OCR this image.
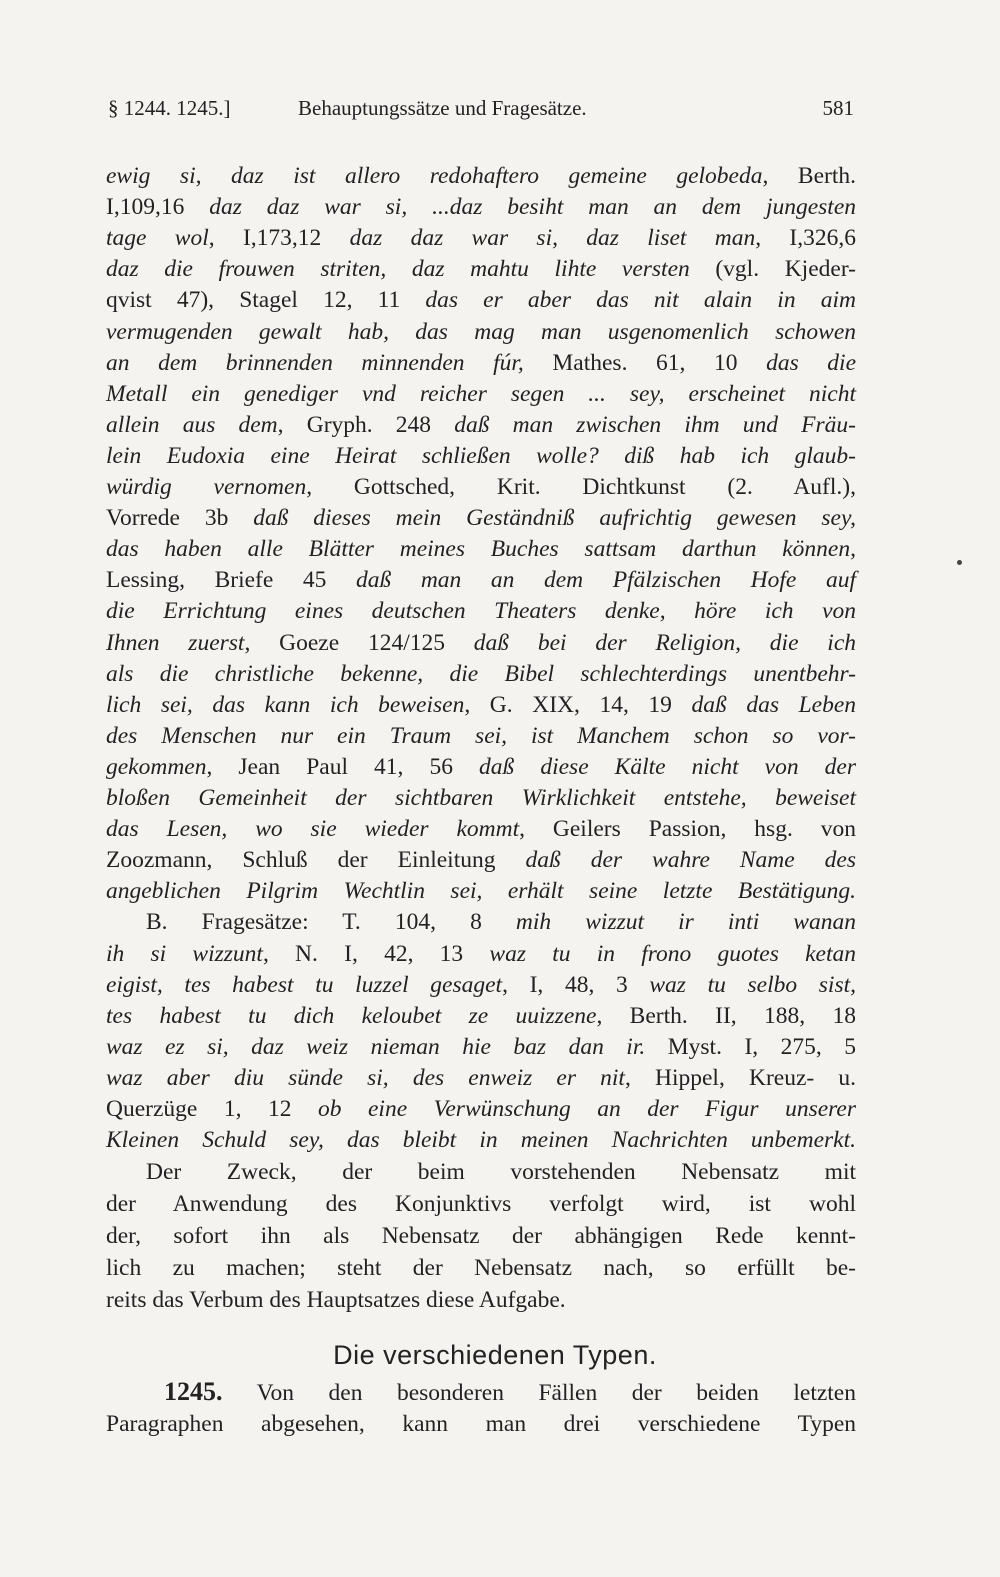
§ 1244. 1245.]	Behauptungssätze und Fragesätze.	581
ewig si, daz ist allero redohaftero gemeine gelobeda, Berth.
I,109,16 daz daz war si, ...daz besiht man an dem jungesten
tage wol, I,173,12 daz daz war si, daz liset man, I,326,6
daz die frouwen striten, daz mahtu lihte versten (vgl. Kjeder-
qvist 47), Stagel 12, 11 das er aber das nit alain in aim
vermugenden gewalt hab, das mag man usgenomenlich schowen
an dem brinnenden minnenden fúr, Mathes. 61, 10 das die
Metall ein genediger vnd reicher segen ... sey, erscheinet nicht
allein aus dem, Gryph. 248 daß man zwischen ihm und Fräu-
lein Eudoxia eine Heirat schließen wolle? diß hab ich glaub-
würdig vernomen, Gottsched, Krit. Dichtkunst (2. Aufl.),
Vorrede 3b daß dieses mein Geständniß aufrichtig gewesen sey,
das haben alle Blätter meines Buches sattsam darthun können,
Lessing, Briefe 45 daß man an dem Pfälzischen Hofe auf
die Errichtung eines deutschen Theaters denke, höre ich von
Ihnen zuerst, Goeze 124/125 daß bei der Religion, die ich
als die christliche bekenne, die Bibel schlechterdings unentbehr-
lich sei, das kann ich beweisen, G. XIX, 14, 19 daß das Leben
des Menschen nur ein Traum sei, ist Manchem schon so vor-
gekommen, Jean Paul 41, 56 daß diese Kälte nicht von der
bloßen Gemeinheit der sichtbaren Wirklichkeit entstehe, beweiset
das Lesen, wo sie wieder kommt, Geilers Passion, hsg. von
Zoozmann, Schluß der Einleitung daß der wahre Name des
angeblichen Pilgrim Wechtlin sei, erhält seine letzte Bestätigung.
B. Fragesätze: T. 104, 8 mih wizzut ir inti wanan
ih si wizzunt, N. I, 42, 13 waz tu in frono guotes ketan
eigist, tes habest tu luzzel gesaget, I, 48, 3 waz tu selbo sist,
tes habest tu dich keloubet ze uuizzene, Berth. II, 188, 18
waz ez si, daz weiz nieman hie baz dan ir. Myst. I, 275, 5
waz aber diu sünde si, des enweiz er nit, Hippel, Kreuz- u.
Querzüge 1, 12 ob eine Verwünschung an der Figur unserer
Kleinen Schuld sey, das bleibt in meinen Nachrichten unbemerkt.
Der Zweck, der beim vorstehenden Nebensatz mit
der Anwendung des Konjunktivs verfolgt wird, ist wohl
der, sofort ihn als Nebensatz der abhängigen Rede kennt-
lich zu machen; steht der Nebensatz nach, so erfüllt be-
reits das Verbum des Hauptsatzes diese Aufgabe.
Die verschiedenen Typen.
1245. Von den besonderen Fällen der beiden letzten
Paragraphen abgesehen, kann man drei verschiedene Typen
